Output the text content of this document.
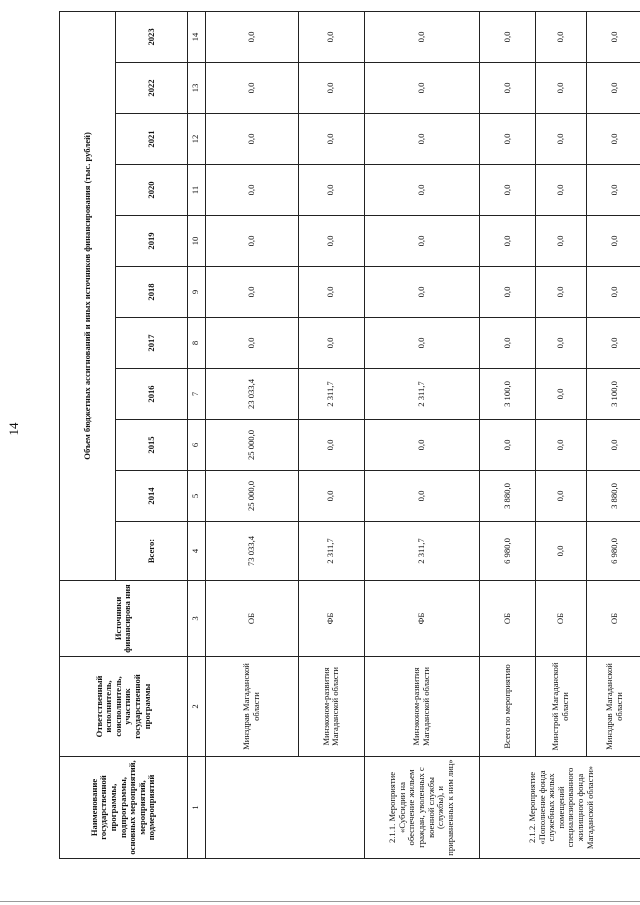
14
Наименование государственной программы, подпрограммы, основных мероприятий, мероприятий, подмероприятий	Ответственный исполнитель, соисполнитель, участник государственной программы	Источники финансирова ния	Объем бюджетных ассигнований и иных источников финансирования (тыс. рублей)										
			Всего:	2014	2015	2016	2017	2018	2019	2020	2021	2022	2023
1	2	3	4	5	6	7	8	9	10	11	12	13	14
	Минздрав Магаданской области	ОБ	73 033,4	25 000,0	25 000,0	23 033,4	0,0	0,0	0,0	0,0	0,0	0,0	0,0
	Минэконом-развития Магаданской области	ФБ	2 311,7	0,0	0,0	2 311,7	0,0	0,0	0,0	0,0	0,0	0,0	0,0
2.1.1. Мероприятие «Субсидии на обеспечение жильем граждан, уволенных с военной службы (службы), и приравненных к ним лиц»	Минэконом-развития Магаданской области	ФБ	2 311,7	0,0	0,0	2 311,7	0,0	0,0	0,0	0,0	0,0	0,0	0,0
2.1.2. Мероприятие «Пополнение фонда служебных жилых помещений специализированного жилищного фонда Магаданской области»	Всего по мероприятию	ОБ	6 980,0	3 880,0	0,0	3 100,0	0,0	0,0	0,0	0,0	0,0	0,0	0,0
	Минстрой Магаданской области	ОБ	0,0	0,0	0,0	0,0	0,0	0,0	0,0	0,0	0,0	0,0	0,0
	Минздрав Магаданской области	ОБ	6 980,0	3 880,0	0,0	3 100,0	0,0	0,0	0,0	0,0	0,0	0,0	0,0
